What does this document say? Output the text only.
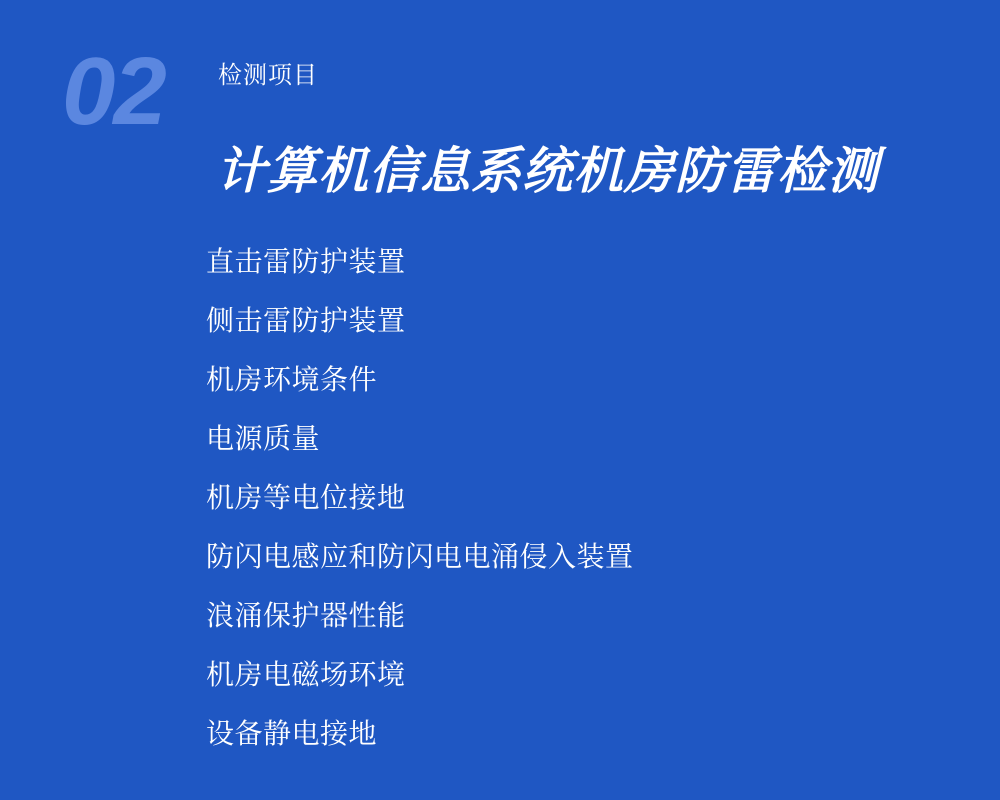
02 检测项目
计算机信息系统机房防雷检测
直击雷防护装置
侧击雷防护装置
机房环境条件
电源质量
机房等电位接地
防闪电感应和防闪电电涌侵入装置
浪涌保护器性能
机房电磁场环境
设备静电接地
